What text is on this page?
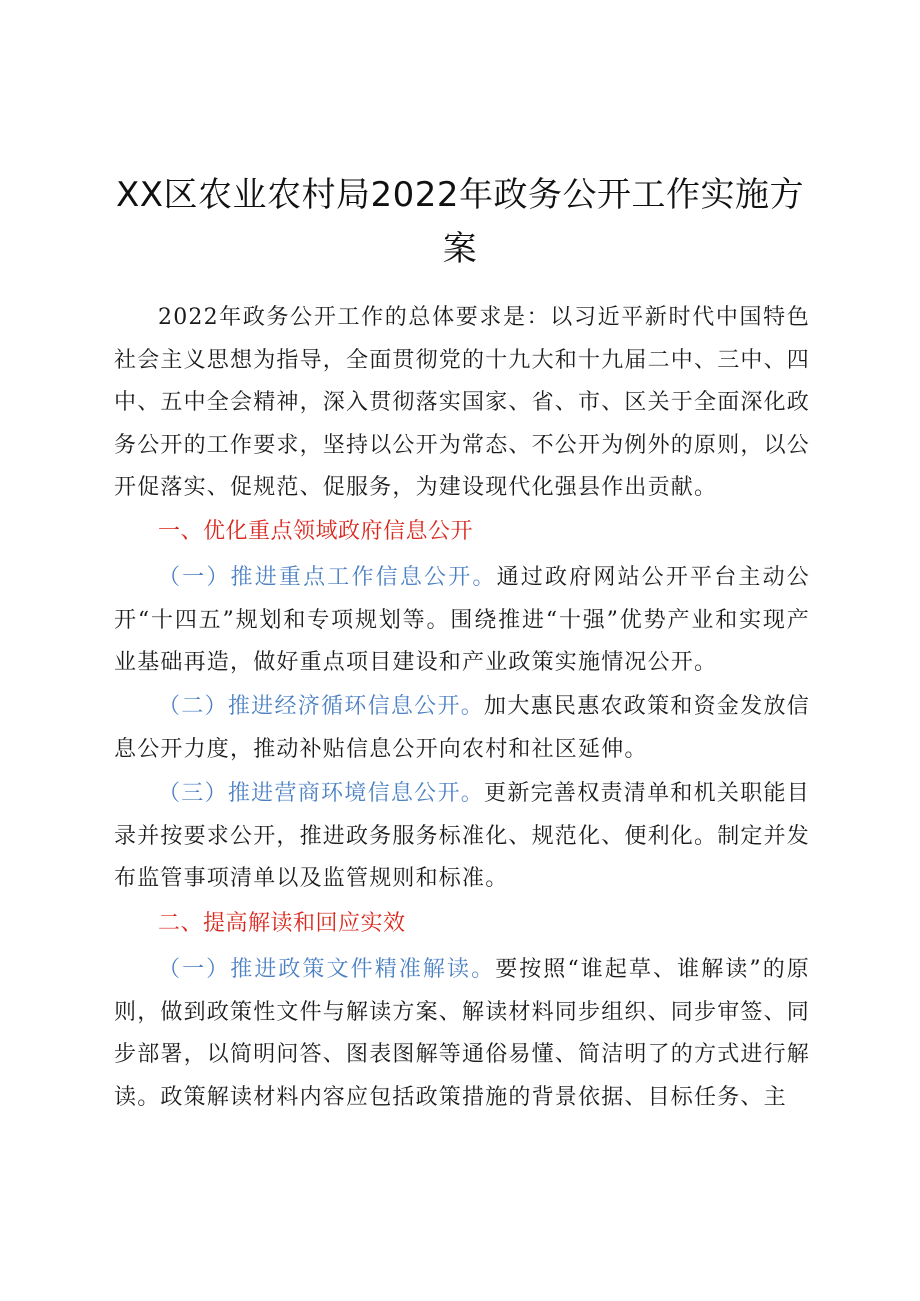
XX区农业农村局2022年政务公开工作实施方案

2022年政务公开工作的总体要求是：以习近平新时代中国特色社会主义思想为指导，全面贯彻党的十九大和十九届二中、三中、四中、五中全会精神，深入贯彻落实国家、省、市、区关于全面深化政务公开的工作要求，坚持以公开为常态、不公开为例外的原则，以公开促落实、促规范、促服务，为建设现代化强县作出贡献。

一、优化重点领域政府信息公开

（一）推进重点工作信息公开。通过政府网站公开平台主动公开“十四五”规划和专项规划等。围绕推进“十强”优势产业和实现产业基础再造，做好重点项目建设和产业政策实施情况公开。

（二）推进经济循环信息公开。加大惠民惠农政策和资金发放信息公开力度，推动补贴信息公开向农村和社区延伸。

（三）推进营商环境信息公开。更新完善权责清单和机关职能目录并按要求公开，推进政务服务标准化、规范化、便利化。制定并发布监管事项清单以及监管规则和标准。

二、提高解读和回应实效

（一）推进政策文件精准解读。要按照“谁起草、谁解读”的原则，做到政策性文件与解读方案、解读材料同步组织、同步审签、同步部署，以简明问答、图表图解等通俗易懂、简洁明了的方式进行解读。政策解读材料内容应包括政策措施的背景依据、目标任务、主
